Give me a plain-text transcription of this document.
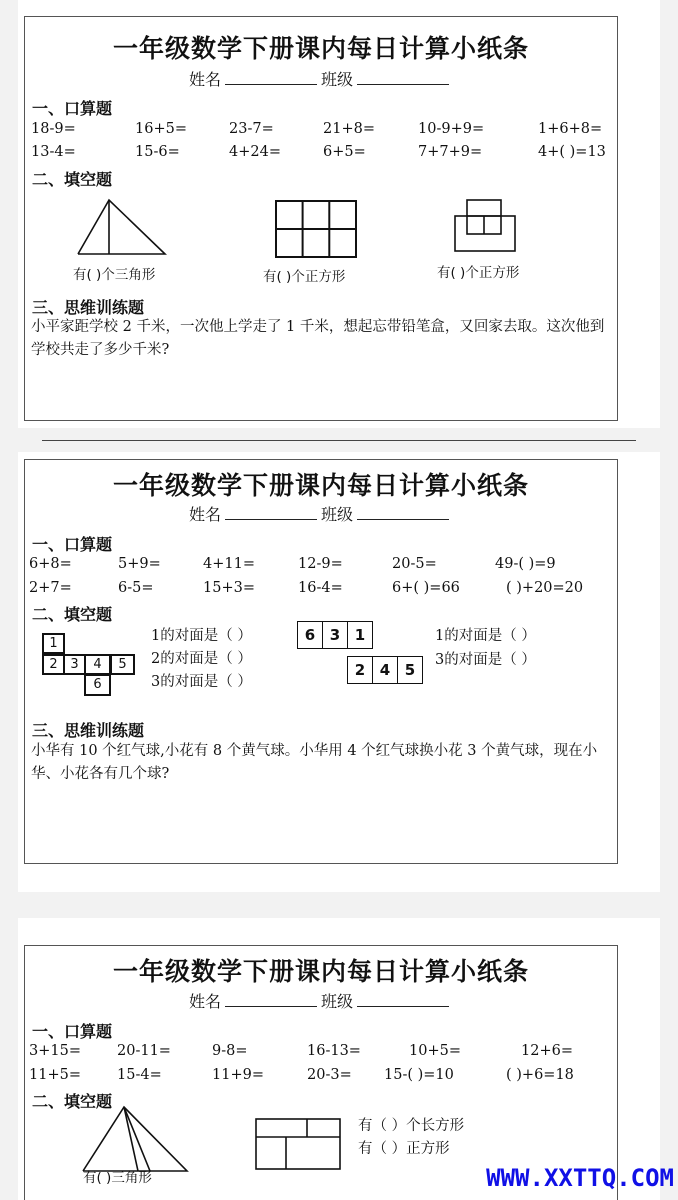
一年级数学下册课内每日计算小纸条
姓名	班级
一、口算题
18-9=	16+5=	23-7=	21+8=	10-9+9=	1+6+8=
13-4=	15-6=	4+24=	6+5=	7+7+9=	4+( )=13
二、填空题
有( )个三角形	有( )个正方形	有( )个正方形
三、思维训练题
小平家距学校 2 千米，一次他上学走了 1 千米，想起忘带铅笔盒，又回家去取。这次他到学校共走了多少千米?
一年级数学下册课内每日计算小纸条
姓名	班级
一、口算题
6+8=	5+9=	4+11=	12-9=	20-5=	49-( )=9
2+7=	6-5=	15+3=	16-4=	6+( )=66	( )+20=20
二、填空题
1
2 3	4	5
6
1的对面是（ ）
2的对面是（ ）
3的对面是（ ）
6 3 1
2 4 5
1的对面是（ ）
3的对面是（ ）
三、思维训练题
小华有 10 个红气球,小花有 8 个黄气球。小华用 4 个红气球换小花 3 个黄气球，现在小华、小花各有几个球?
一年级数学下册课内每日计算小纸条
姓名	班级
一、口算题
3+15= 20-11=	9-8=	16-13=	10+5=	12+6=
11+5= 15-4=	11+9=	20-3= 15-( )=10	( )+6=18
二、填空题
有( )三角形
有（ ）个长方形
有（ ）正方形
WWW.XXTTQ.COM
